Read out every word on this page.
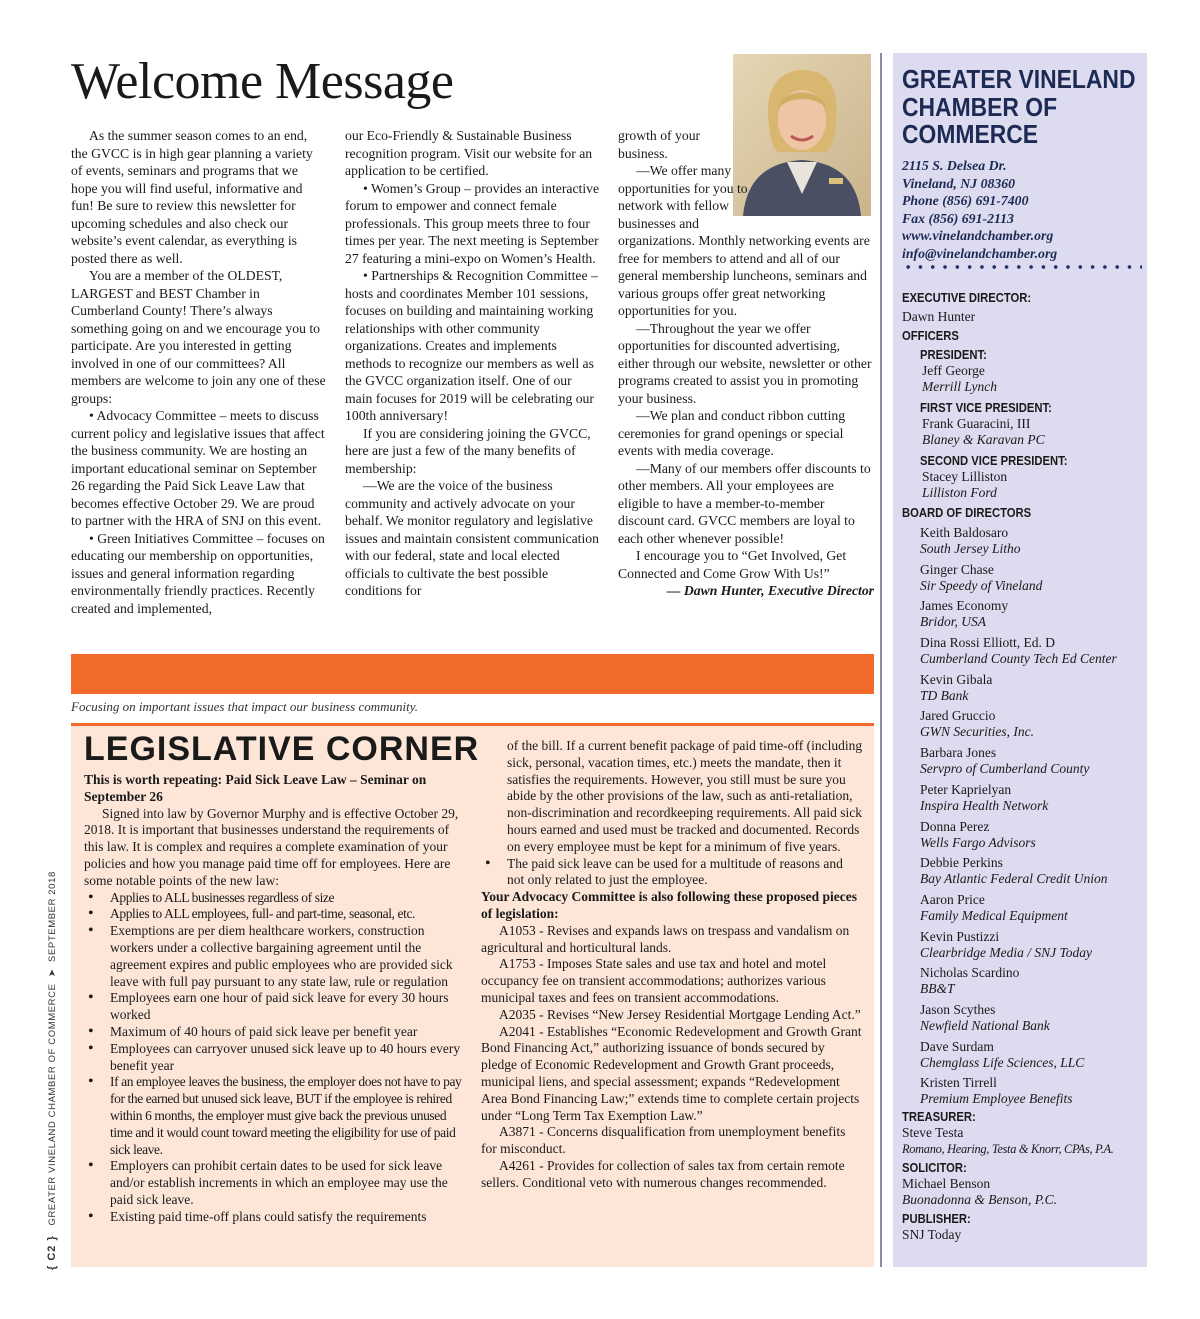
{ C2 }   GREATER VINELAND CHAMBER OF COMMERCE  ➤  SEPTEMBER 2018
Welcome Message

As the summer season comes to an end, the GVCC is in high gear planning a variety of events, seminars and programs that we hope you will find useful, informative and fun! Be sure to review this newsletter for upcoming schedules and also check our website’s event calendar, as everything is posted there as well.

You are a member of the OLDEST, LARGEST and BEST Chamber in Cumberland County! There’s always something going on and we encourage you to participate. Are you interested in getting involved in one of our committees? All members are welcome to join any one of these groups:

• Advocacy Committee – meets to discuss current policy and legislative issues that affect the business community. We are hosting an important educational seminar on September 26 regarding the Paid Sick Leave Law that becomes effective October 29. We are proud to partner with the HRA of SNJ on this event.

• Green Initiatives Committee – focuses on educating our membership on opportunities, issues and general information regarding environmentally friendly practices. Recently created and implemented,

our Eco-Friendly & Sustainable Business recognition program. Visit our website for an application to be certified.

• Women’s Group – provides an interactive forum to empower and connect female professionals. This group meets three to four times per year. The next meeting is September 27 featuring a mini-expo on Women’s Health.

• Partnerships & Recognition Committee – hosts and coordinates Member 101 sessions, focuses on building and maintaining working relationships with other community organizations. Creates and implements methods to recognize our members as well as the GVCC organization itself. One of our main focuses for 2019 will be celebrating our 100th anniversary!

If you are considering joining the GVCC, here are just a few of the many benefits of membership:

—We are the voice of the business community and actively advocate on your behalf. We monitor regulatory and legislative issues and maintain consistent communication with our federal, state and local elected officials to cultivate the best possible conditions for

growth of your business.

—We offer many opportunities for you to network with fellow businesses and organizations. Monthly networking events are free for members to attend and all of our general membership luncheons, seminars and various groups offer great networking opportunities for you.

—Throughout the year we offer opportunities for discounted advertising, either through our website, newsletter or other programs created to assist you in promoting your business.

—We plan and conduct ribbon cutting ceremonies for grand openings or special events with media coverage.

—Many of our members offer discounts to other members. All your employees are eligible to have a member-to-member discount card. GVCC members are loyal to each other whenever possible!

I encourage you to “Get Involved, Get Connected and Come Grow With Us!”

— Dawn Hunter, Executive Director

Focusing on important issues that impact our business community.
LEGISLATIVE CORNER

This is worth repeating: Paid Sick Leave Law – Seminar on September 26

Signed into law by Governor Murphy and is effective October 29, 2018. It is important that businesses understand the requirements of this law. It is complex and requires a complete examination of your policies and how you manage paid time off for employees. Here are some notable points of the new law:

• Applies to ALL businesses regardless of size
• Applies to ALL employees, full- and part-time, seasonal, etc.
• Exemptions are per diem healthcare workers, construction workers under a collective bargaining agreement until the agreement expires and public employees who are provided sick leave with full pay pursuant to any state law, rule or regulation
• Employees earn one hour of paid sick leave for every 30 hours worked
• Maximum of 40 hours of paid sick leave per benefit year
• Employees can carryover unused sick leave up to 40 hours every benefit year
• If an employee leaves the business, the employer does not have to pay for the earned but unused sick leave, BUT if the employee is rehired within 6 months, the employer must give back the previous unused time and it would count toward meeting the eligibility for use of paid sick leave.
• Employers can prohibit certain dates to be used for sick leave and/or establish increments in which an employee may use the paid sick leave.
• Existing paid time-off plans could satisfy the requirements

of the bill. If a current benefit package of paid time-off (including sick, personal, vacation times, etc.) meets the mandate, then it satisfies the requirements. However, you still must be sure you abide by the other provisions of the law, such as anti-retaliation, non-discrimination and recordkeeping requirements. All paid sick hours earned and used must be tracked and documented. Records on every employee must be kept for a minimum of five years.

• The paid sick leave can be used for a multitude of reasons and not only related to just the employee.

Your Advocacy Committee is also following these proposed pieces of legislation:

A1053 - Revises and expands laws on trespass and vandalism on agricultural and horticultural lands.

A1753 - Imposes State sales and use tax and hotel and motel occupancy fee on transient accommodations; authorizes various municipal taxes and fees on transient accommodations.

A2035 - Revises “New Jersey Residential Mortgage Lending Act.”

A2041 - Establishes “Economic Redevelopment and Growth Grant Bond Financing Act,” authorizing issuance of bonds secured by pledge of Economic Redevelopment and Growth Grant proceeds, municipal liens, and special assessment; expands “Redevelopment Area Bond Financing Law;” extends time to complete certain projects under “Long Term Tax Exemption Law.”

A3871 - Concerns disqualification from unemployment benefits for misconduct.

A4261 - Provides for collection of sales tax from certain remote sellers. Conditional veto with numerous changes recommended.

GREATER VINELAND
CHAMBER OF
COMMERCE
2115 S. Delsea Dr.
Vineland, NJ 08360
Phone (856) 691-7400
Fax (856) 691-2113
www.vinelandchamber.org
info@vinelandchamber.org
EXECUTIVE DIRECTOR:
Dawn Hunter
OFFICERS
PRESIDENT:
Jeff George
Merrill Lynch
FIRST VICE PRESIDENT:
Frank Guaracini, III
Blaney & Karavan PC
SECOND VICE PRESIDENT:
Stacey Lilliston
Lilliston Ford
BOARD OF DIRECTORS
Keith Baldosaro
South Jersey Litho
Ginger Chase
Sir Speedy of Vineland
James Economy
Bridor, USA
Dina Rossi Elliott, Ed. D
Cumberland County Tech Ed Center
Kevin Gibala
TD Bank
Jared Gruccio
GWN Securities, Inc.
Barbara Jones
Servpro of Cumberland County
Peter Kaprielyan
Inspira Health Network
Donna Perez
Wells Fargo Advisors
Debbie Perkins
Bay Atlantic Federal Credit Union
Aaron Price
Family Medical Equipment
Kevin Pustizzi
Clearbridge Media / SNJ Today
Nicholas Scardino
BB&T
Jason Scythes
Newfield National Bank
Dave Surdam
Chemglass Life Sciences, LLC
Kristen Tirrell
Premium Employee Benefits
TREASURER:
Steve Testa
Romano, Hearing, Testa & Knorr, CPAs, P.A.
SOLICITOR:
Michael Benson
Buonadonna & Benson, P.C.
PUBLISHER:
SNJ Today
